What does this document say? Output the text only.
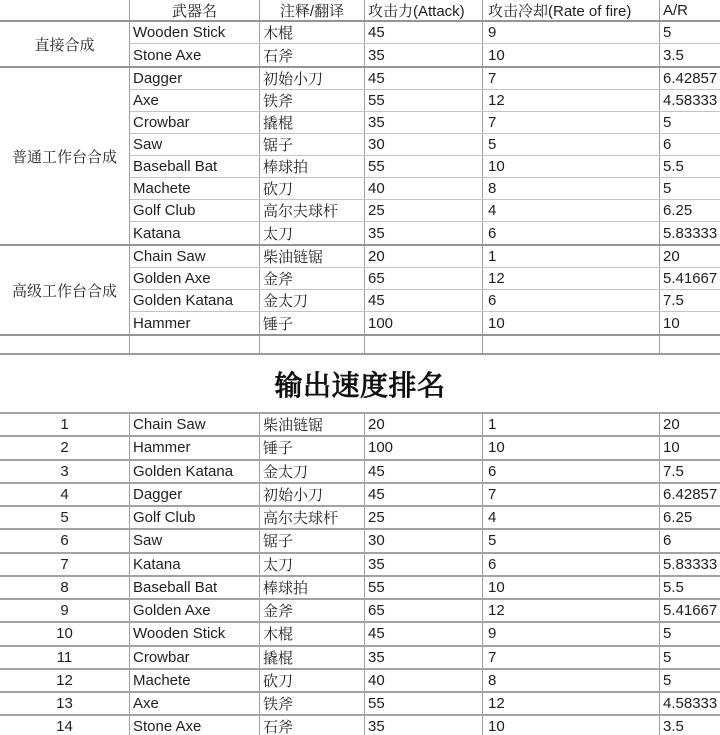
武器名	注释/翻译	攻击力(Attack)	攻击冷却(Rate of fire)	A/R
直接合成
Wooden Stick	木棍	45	9	5
Stone Axe	石斧	35	10	3.5
普通工作台合成
Dagger	初始小刀	45	7	6.42857
Axe	铁斧	55	12	4.58333
Crowbar	撬棍	35	7	5
Saw	锯子	30	5	6
Baseball Bat	棒球拍	55	10	5.5
Machete	砍刀	40	8	5
Golf Club	高尔夫球杆	25	4	6.25
Katana	太刀	35	6	5.83333
高级工作台合成
Chain Saw	柴油链锯	20	1	20
Golden Axe	金斧	65	12	5.41667
Golden Katana	金太刀	45	6	7.5
Hammer	锤子	100	10	10
输出速度排名
1	Chain Saw	柴油链锯	20	1	20
2	Hammer	锤子	100	10	10
3	Golden Katana	金太刀	45	6	7.5
4	Dagger	初始小刀	45	7	6.42857
5	Golf Club	高尔夫球杆	25	4	6.25
6	Saw	锯子	30	5	6
7	Katana	太刀	35	6	5.83333
8	Baseball Bat	棒球拍	55	10	5.5
9	Golden Axe	金斧	65	12	5.41667
10	Wooden Stick	木棍	45	9	5
11	Crowbar	撬棍	35	7	5
12	Machete	砍刀	40	8	5
13	Axe	铁斧	55	12	4.58333
14	Stone Axe	石斧	35	10	3.5
